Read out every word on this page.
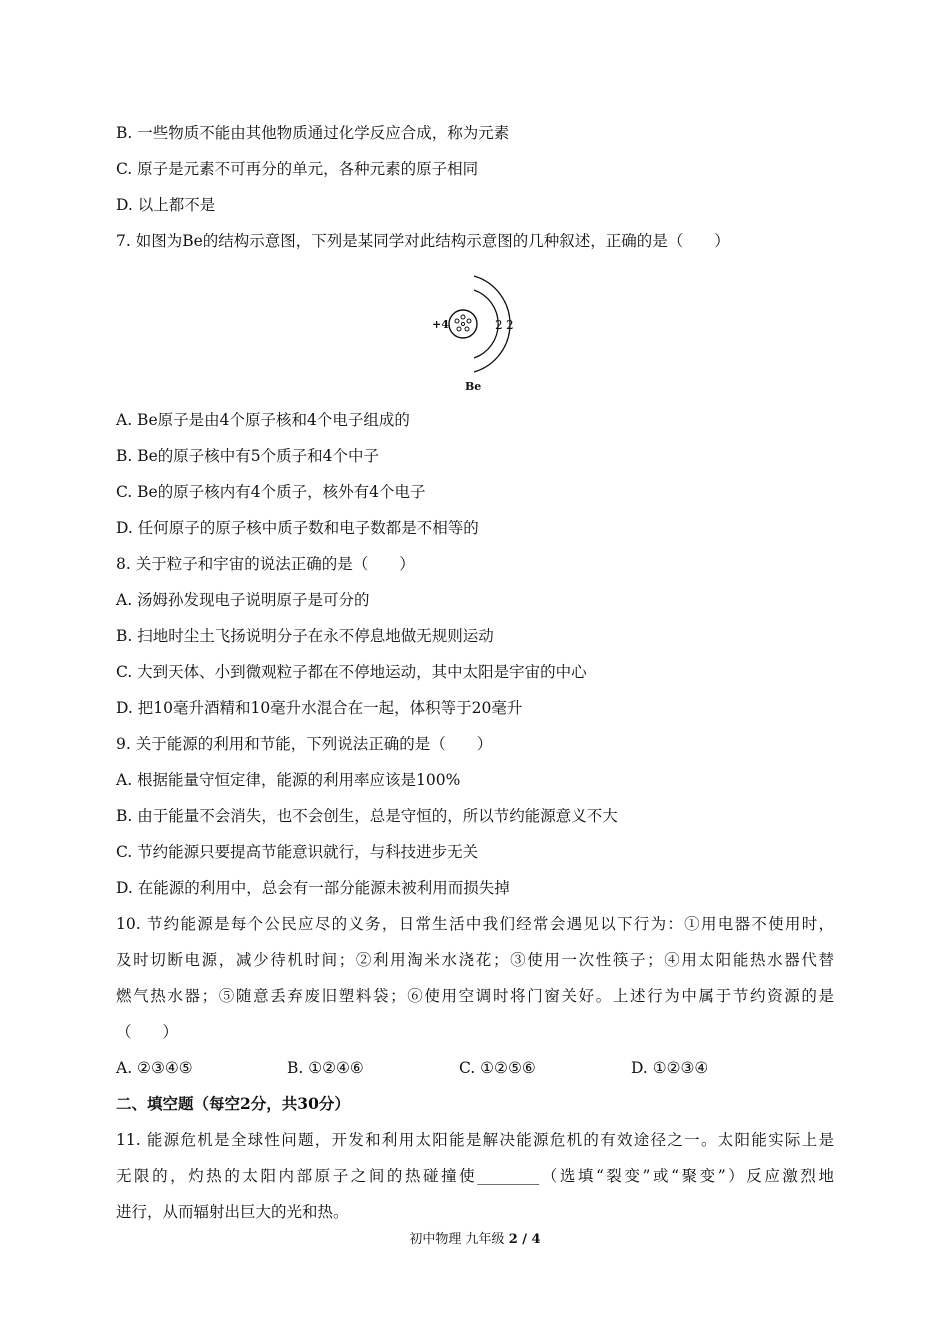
B. 一些物质不能由其他物质通过化学反应合成，称为元素
C. 原子是元素不可再分的单元，各种元素的原子相同
D. 以上都不是
7. 如图为Be的结构示意图，下列是某同学对此结构示意图的几种叙述，正确的是（　　）
+4	2 2
Be
A. Be原子是由4个原子核和4个电子组成的
B. Be的原子核中有5个质子和4个中子
C. Be的原子核内有4个质子，核外有4个电子
D. 任何原子的原子核中质子数和电子数都是不相等的
8. 关于粒子和宇宙的说法正确的是（　　）
A. 汤姆孙发现电子说明原子是可分的
B. 扫地时尘土飞扬说明分子在永不停息地做无规则运动
C. 大到天体、小到微观粒子都在不停地运动，其中太阳是宇宙的中心
D. 把10毫升酒精和10毫升水混合在一起，体积等于20毫升
9. 关于能源的利用和节能，下列说法正确的是（　　）
A. 根据能量守恒定律，能源的利用率应该是100%
B. 由于能量不会消失，也不会创生，总是守恒的，所以节约能源意义不大
C. 节约能源只要提高节能意识就行，与科技进步无关
D. 在能源的利用中，总会有一部分能源未被利用而损失掉
10. 节约能源是每个公民应尽的义务，日常生活中我们经常会遇见以下行为：①用电器不使用时，
及时切断电源，减少待机时间；②利用淘米水浇花；③使用一次性筷子；④用太阳能热水器代替
燃气热水器；⑤随意丢弃废旧塑料袋；⑥使用空调时将门窗关好。上述行为中属于节约资源的是
（　　）
A. ②③④⑤	B. ①②④⑥	C. ①②⑤⑥	D. ①②③④
二、填空题（每空2分，共30分）
11. 能源危机是全球性问题，开发和利用太阳能是解决能源危机的有效途径之一。太阳能实际上是
无限的，灼热的太阳内部原子之间的热碰撞使________（选填“裂变”或“聚变”）反应激烈地
进行，从而辐射出巨大的光和热。
初中物理 九年级 2 / 4
